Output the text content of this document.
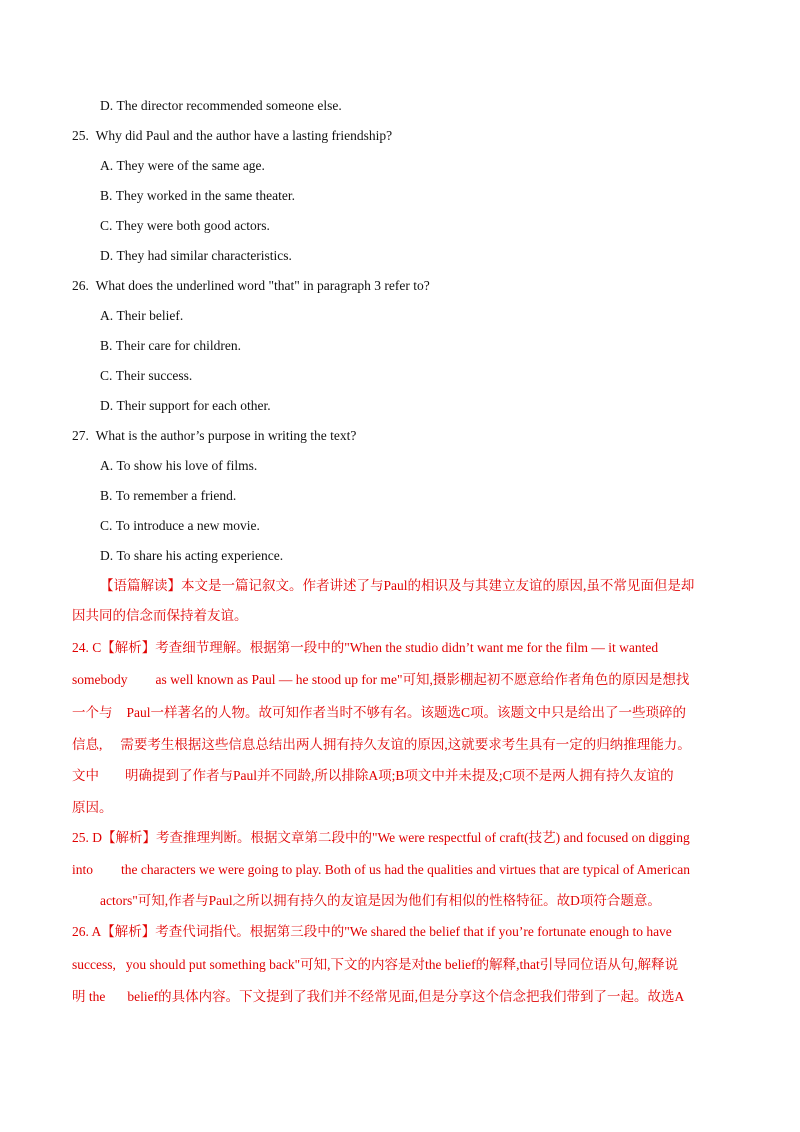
D. The director recommended someone else.
25. Why did Paul and the author have a lasting friendship?
A. They were of the same age.
B. They worked in the same theater.
C. They were both good actors.
D. They had similar characteristics.
26. What does the underlined word "that" in paragraph 3 refer to?
A. Their belief.
B. Their care for children.
C. Their success.
D. Their support for each other.
27. What is the author’s purpose in writing the text?
A. To show his love of films.
B. To remember a friend.
C. To introduce a new movie.
D. To share his acting experience.
【语篇解读】本文是一篇记叙文。作者讲述了与Paul的相识及与其建立友谊的原因,虽不常见面但是却
因共同的信念而保持着友谊。
24. C【解析】考查细节理解。根据第一段中的"When the studio didn’t want me for the film — it wanted
somebody as well known as Paul — he stood up for me"可知,摄影棚起初不愿意给作者角色的原因是想找
一个与 Paul一样著名的人物。故可知作者当时不够有名。该题选C项。该题文中只是给出了一些琐碎的
信息, 需要考生根据这些信息总结出两人拥有持久友谊的原因,这就要求考生具有一定的归纳推理能力。
文中 明确提到了作者与Paul并不同龄,所以排除A项;B项文中并未提及;C项不是两人拥有持久友谊的
原因。
25. D【解析】考查推理判断。根据文章第二段中的"We were respectful of craft(技艺) and focused on digging
into the characters we were going to play. Both of us had the qualities and virtues that are typical of American
actors"可知,作者与Paul之所以拥有持久的友谊是因为他们有相似的性格特征。故D项符合题意。
26. A【解析】考查代词指代。根据第三段中的"We shared the belief that if you’re fortunate enough to have
success, you should put something back"可知,下文的内容是对the belief的解释,that引导同位语从句,解释说
明 the belief的具体内容。下文提到了我们并不经常见面,但是分享这个信念把我们带到了一起。故选A
